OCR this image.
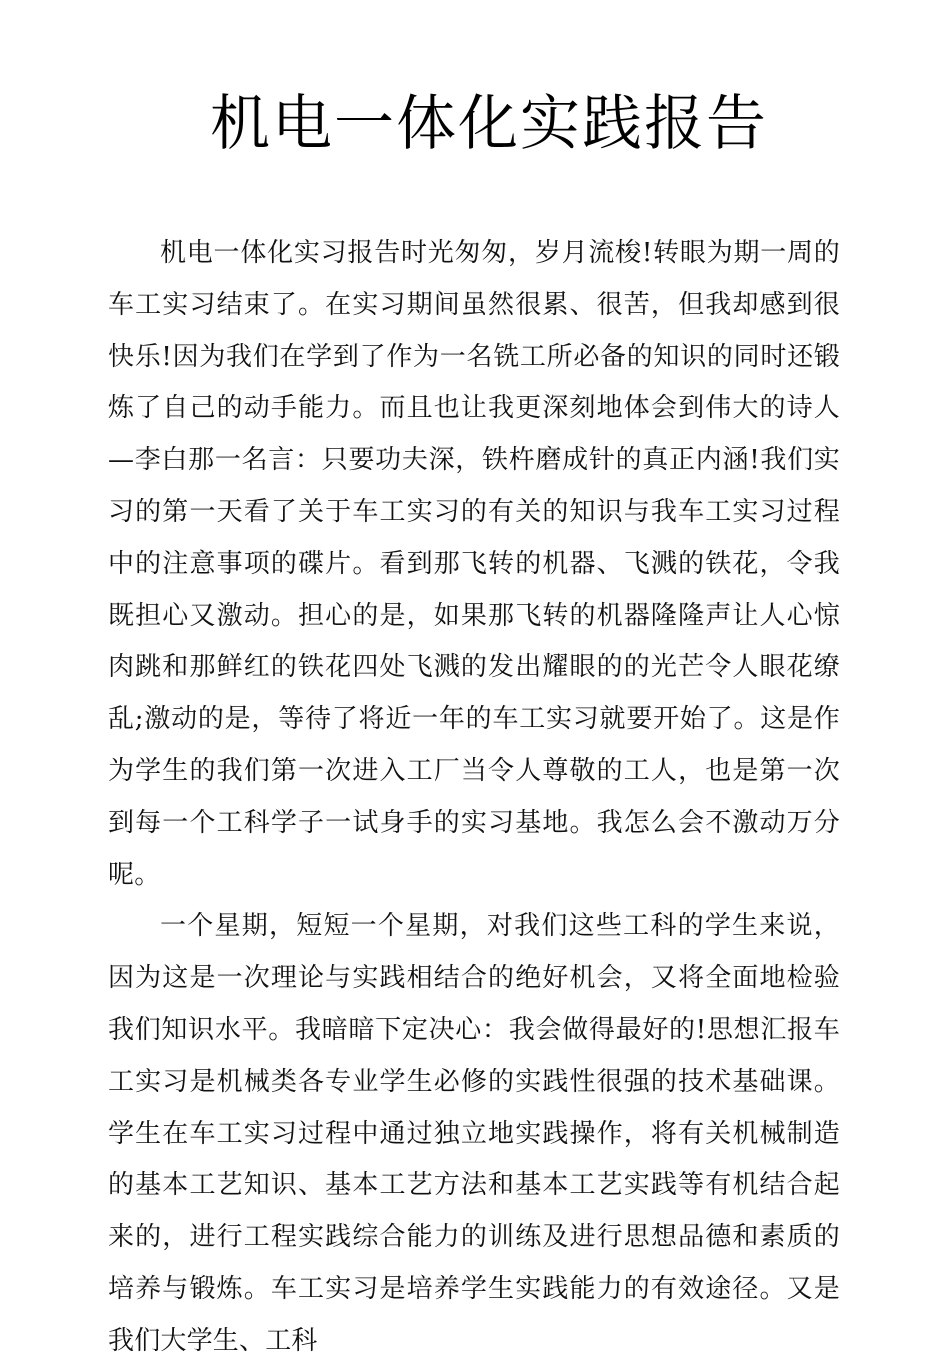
机电一体化实践报告

机电一体化实习报告时光匆匆，岁月流梭!转眼为期一周的车工实习结束了。在实习期间虽然很累、很苦，但我却感到很快乐!因为我们在学到了作为一名铣工所必备的知识的同时还锻炼了自己的动手能力。而且也让我更深刻地体会到伟大的诗人—李白那一名言：只要功夫深，铁杵磨成针的真正内涵!我们实习的第一天看了关于车工实习的有关的知识与我车工实习过程中的注意事项的碟片。看到那飞转的机器、飞溅的铁花，令我既担心又激动。担心的是，如果那飞转的机器隆隆声让人心惊肉跳和那鲜红的铁花四处飞溅的发出耀眼的的光芒令人眼花缭乱;激动的是，等待了将近一年的车工实习就要开始了。这是作为学生的我们第一次进入工厂当令人尊敬的工人，也是第一次到每一个工科学子一试身手的实习基地。我怎么会不激动万分呢。

一个星期，短短一个星期，对我们这些工科的学生来说，因为这是一次理论与实践相结合的绝好机会，又将全面地检验我们知识水平。我暗暗下定决心：我会做得最好的!思想汇报车工实习是机械类各专业学生必修的实践性很强的技术基础课。学生在车工实习过程中通过独立地实践操作，将有关机械制造的基本工艺知识、基本工艺方法和基本工艺实践等有机结合起来的，进行工程实践综合能力的训练及进行思想品德和素质的培养与锻炼。车工实习是培养学生实践能力的有效途径。又是我们大学生、工科
